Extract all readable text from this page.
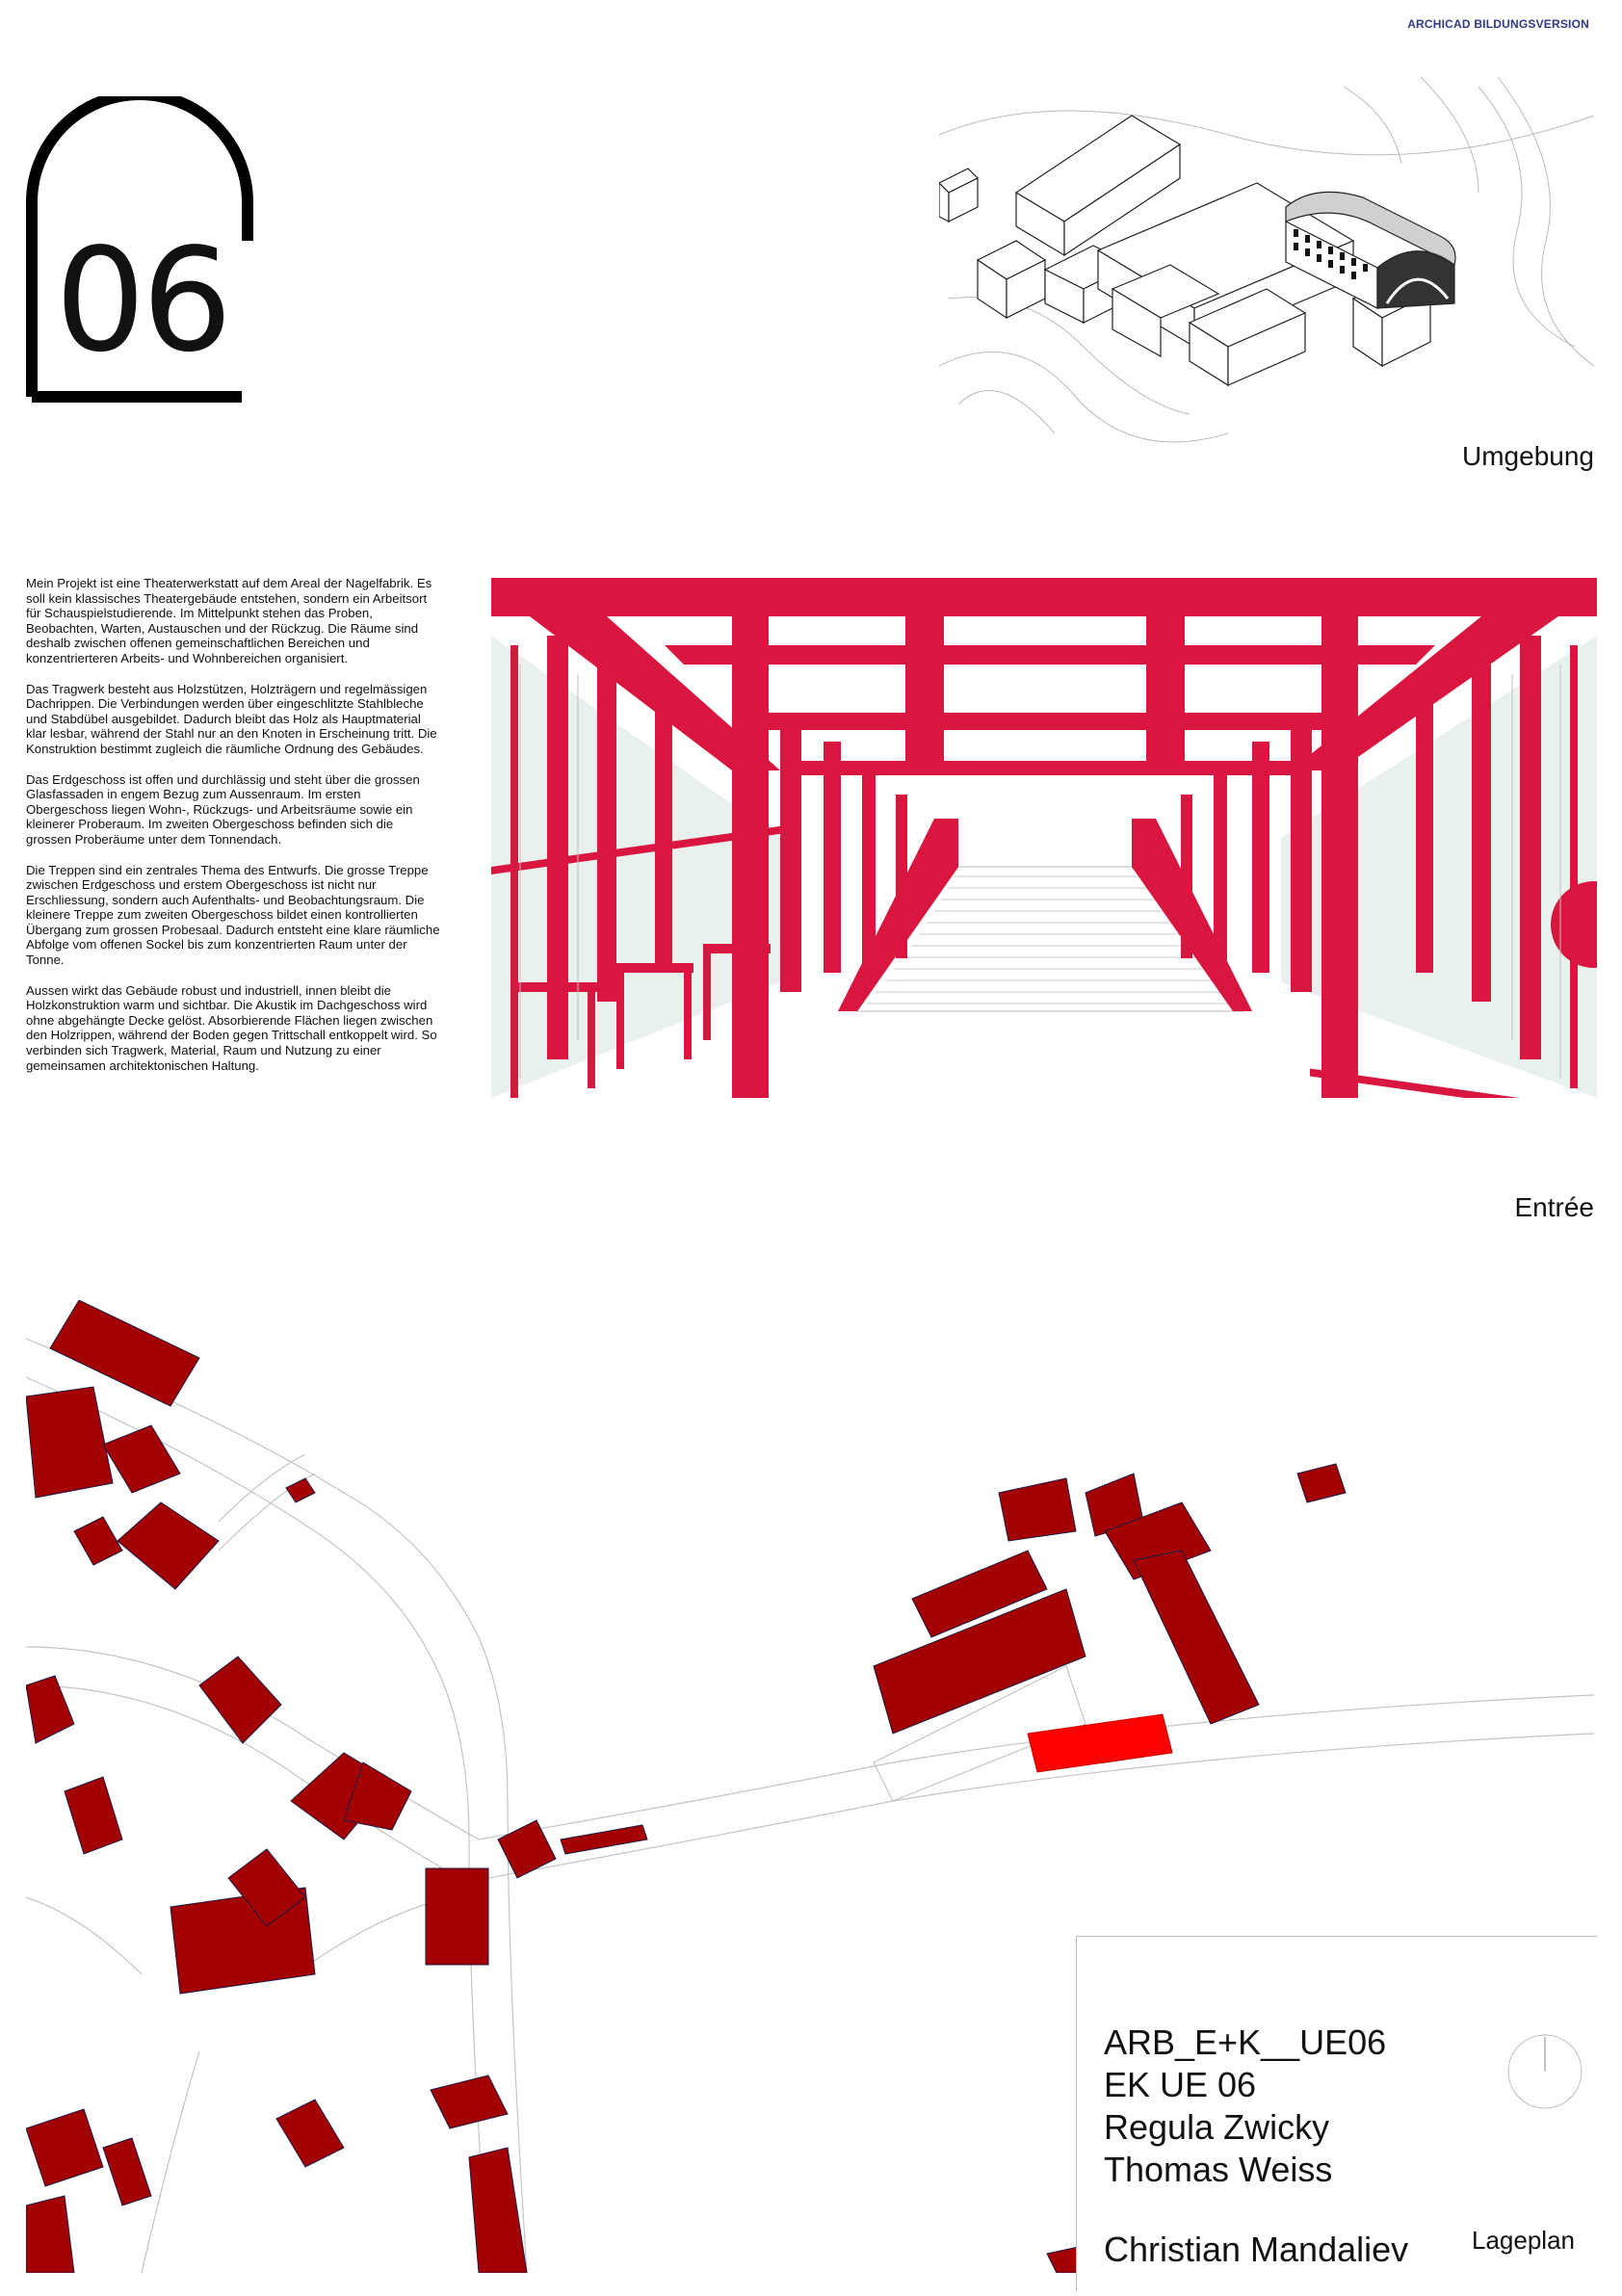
ARCHICAD BILDUNGSVERSION
06
Umgebung

Mein Projekt ist eine Theaterwerkstatt auf dem Areal der Nagelfabrik. Es soll kein klassisches Theatergebäude entstehen, sondern ein Arbeitsort für Schauspielstudierende. Im Mittelpunkt stehen das Proben, Beobachten, Warten, Austauschen und der Rückzug. Die Räume sind deshalb zwischen offenen gemeinschaftlichen Bereichen und konzentrierteren Arbeits- und Wohnbereichen organisiert.

Das Tragwerk besteht aus Holzstützen, Holzträgern und regelmässigen Dachrippen. Die Verbindungen werden über eingeschlitzte Stahlbleche und Stabdübel ausgebildet. Dadurch bleibt das Holz als Hauptmaterial klar lesbar, während der Stahl nur an den Knoten in Erscheinung tritt. Die Konstruktion bestimmt zugleich die räumliche Ordnung des Gebäudes.

Das Erdgeschoss ist offen und durchlässig und steht über die grossen Glasfassaden in engem Bezug zum Aussenraum. Im ersten Obergeschoss liegen Wohn-, Rückzugs- und Arbeitsräume sowie ein kleinerer Proberaum. Im zweiten Obergeschoss befinden sich die grossen Proberäume unter dem Tonnendach.

Die Treppen sind ein zentrales Thema des Entwurfs. Die grosse Treppe zwischen Erdgeschoss und erstem Obergeschoss ist nicht nur Erschliessung, sondern auch Aufenthalts- und Beobachtungsraum. Die kleinere Treppe zum zweiten Obergeschoss bildet einen kontrollierten Übergang zum grossen Probesaal. Dadurch entsteht eine klare räumliche Abfolge vom offenen Sockel bis zum konzentrierten Raum unter der Tonne.

Aussen wirkt das Gebäude robust und industriell, innen bleibt die Holzkonstruktion warm und sichtbar. Die Akustik im Dachgeschoss wird ohne abgehängte Decke gelöst. Absorbierende Flächen liegen zwischen den Holzrippen, während der Boden gegen Trittschall entkoppelt wird. So verbinden sich Tragwerk, Material, Raum und Nutzung zu einer gemeinsamen architektonischen Haltung.

Entrée
ARB_E+K__UE06
EK UE 06
Regula Zwicky
Thomas Weiss
Christian Mandaliev	Lageplan
